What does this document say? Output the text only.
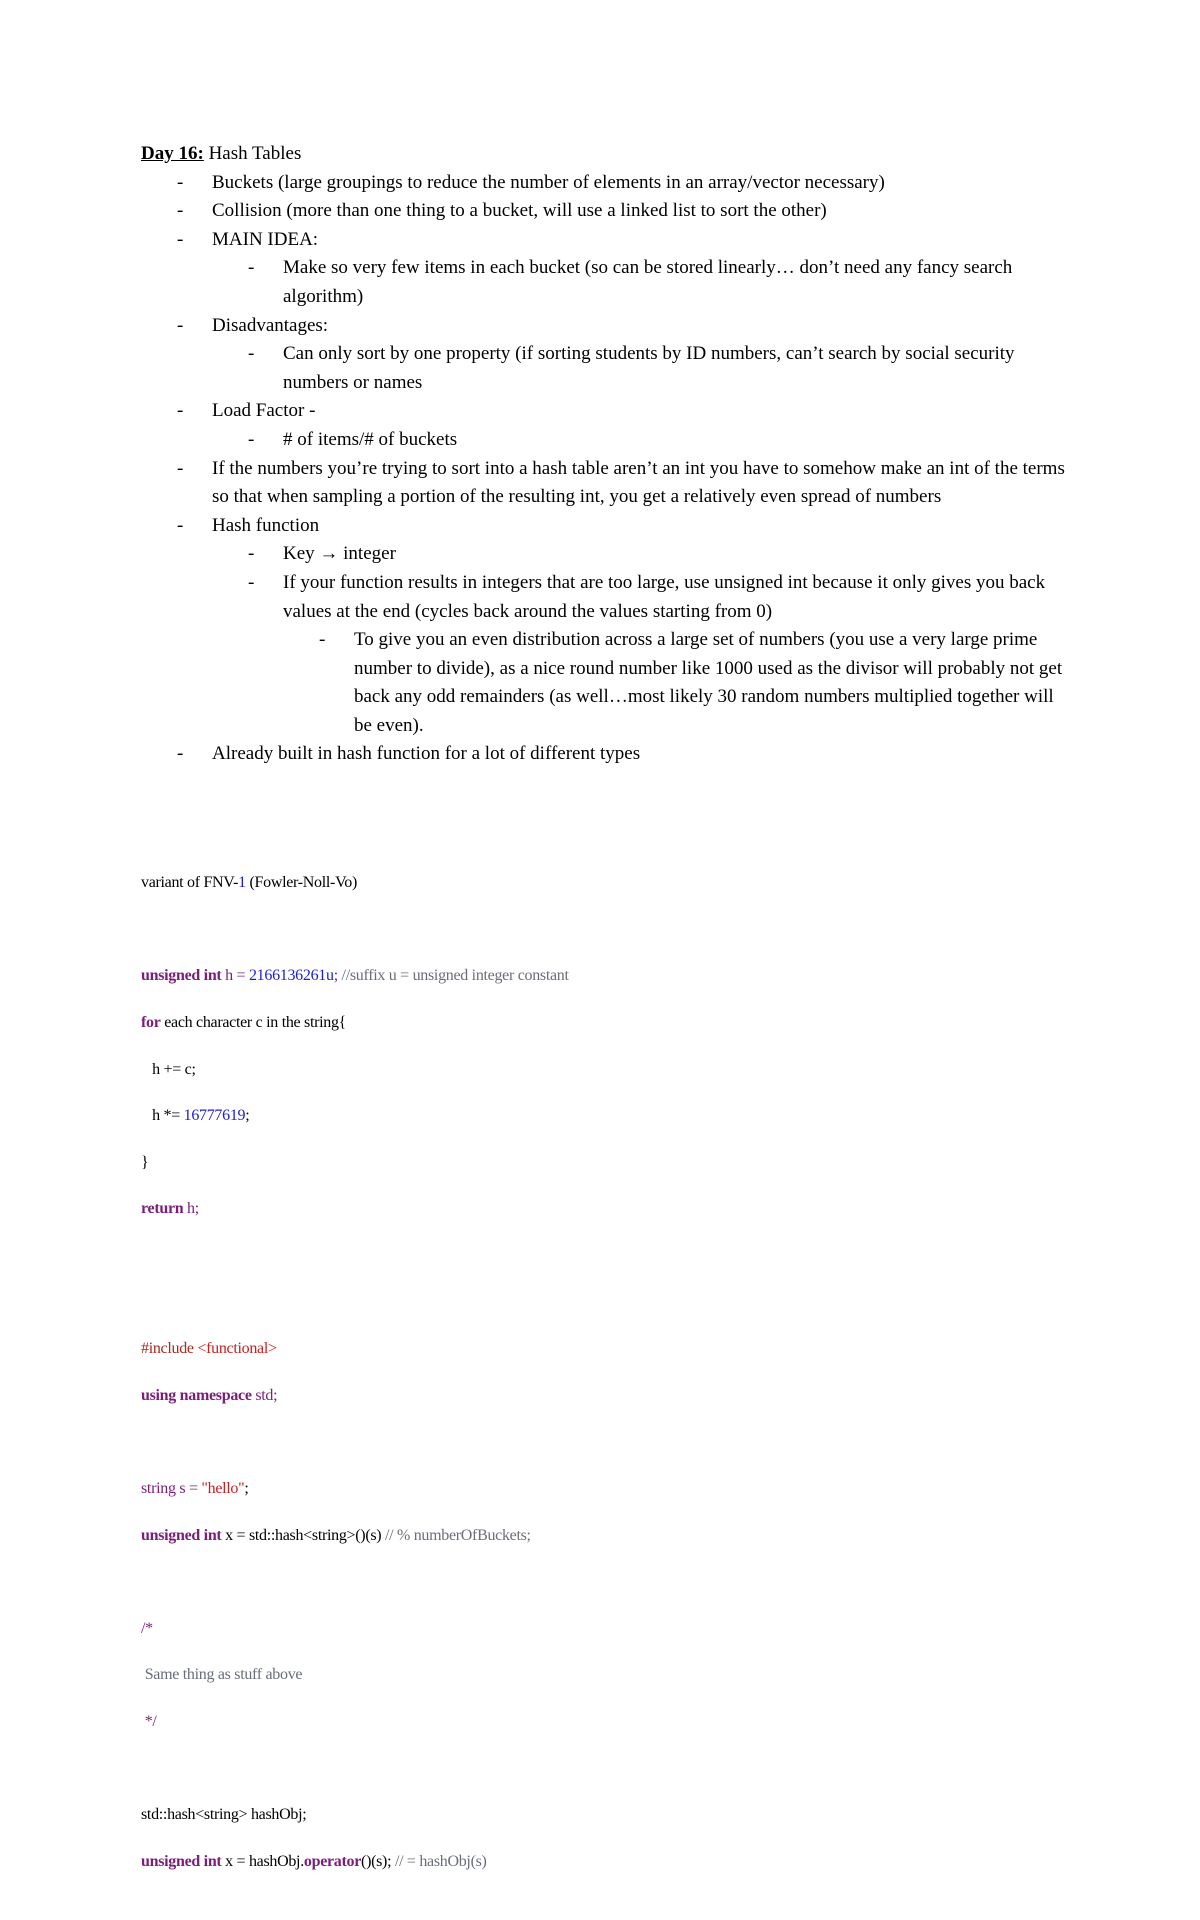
Day 16: Hash Tables

- Buckets (large groupings to reduce the number of elements in an array/vector necessary)
- Collision (more than one thing to a bucket, will use a linked list to sort the other)
- MAIN IDEA:
- Make so very few items in each bucket (so can be stored linearly… don’t need any fancy search algorithm)
- Disadvantages:
- Can only sort by one property (if sorting students by ID numbers, can’t search by social security numbers or names
- Load Factor -
- # of items/# of buckets
- If the numbers you’re trying to sort into a hash table aren’t an int you have to somehow make an int of the terms so that when sampling a portion of the resulting int, you get a relatively even spread of numbers
- Hash function
- Key → integer
- If your function results in integers that are too large, use unsigned int because it only gives you back values at the end (cycles back around the values starting from 0)
- To give you an even distribution across a large set of numbers (you use a very large prime number to divide), as a nice round number like 1000 used as the divisor will probably not get back any odd remainders (as well…most likely 30 random numbers multiplied together will be even).
- Already built in hash function for a lot of different types

variant of FNV-1 (Fowler-Noll-Vo)

unsigned int h = 2166136261u; //suffix u = unsigned integer constant

for each character c in the string{

h += c;

h *= 16777619;

}

return h;

#include <functional>

using namespace std;

string s = "hello";

unsigned int x = std::hash<string>()(s) // % numberOfBuckets;

/*

Same thing as stuff above

*/

std::hash<string> hashObj;

unsigned int x = hashObj.operator()(s); // = hashObj(s)
